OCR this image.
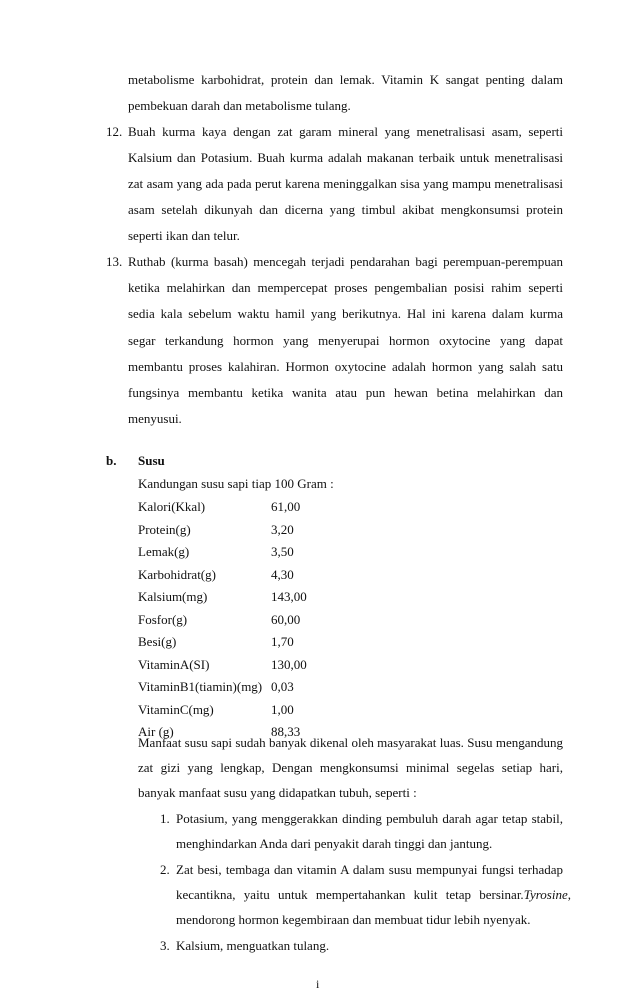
metabolisme karbohidrat, protein dan lemak. Vitamin K sangat penting dalam
pembekuan darah dan metabolisme tulang.
12. Buah kurma kaya dengan zat garam mineral yang menetralisasi asam, seperti
Kalsium dan Potasium. Buah kurma adalah makanan terbaik untuk menetralisasi
zat asam yang ada pada perut karena meninggalkan sisa yang mampu menetralisasi
asam setelah dikunyah dan dicerna yang timbul akibat mengkonsumsi protein
seperti ikan dan telur.
13. Ruthab (kurma basah) mencegah terjadi pendarahan bagi perempuan-perempuan
ketika melahirkan dan mempercepat proses pengembalian posisi rahim seperti
sedia kala sebelum waktu hamil yang berikutnya. Hal ini karena dalam kurma
segar terkandung hormon yang menyerupai hormon oxytocine yang dapat
membantu proses kalahiran. Hormon oxytocine adalah hormon yang salah satu
fungsinya membantu ketika wanita atau pun hewan betina melahirkan dan
menyusui.
b. Susu
Kandungan susu sapi tiap 100 Gram :
Kalori(Kkal)	61,00
Protein(g)	3,20
Lemak(g)	3,50
Karbohidrat(g)	4,30
Kalsium(mg)	143,00
Fosfor(g)	60,00
Besi(g)	1,70
VitaminA(SI)	130,00
VitaminB1(tiamin)(mg) 0,03
VitaminC(mg)	1,00
Air (g)	88,33
Manfaat susu sapi sudah banyak dikenal oleh masyarakat luas. Susu mengandung
zat gizi yang lengkap, Dengan mengkonsumsi minimal segelas setiap hari,
banyak manfaat susu yang didapatkan tubuh, seperti :
1. Potasium, yang menggerakkan dinding pembuluh darah agar tetap stabil,
menghindarkan Anda dari penyakit darah tinggi dan jantung.
2. Zat besi, tembaga dan vitamin A dalam susu mempunyai fungsi terhadap
i
kecantikna, yaitu untuk mempertahankan kulit tetap bersinar. Tyrosine,
mendorong hormon kegembiraan dan membuat tidur lebih nyenyak.
3. Kalsium, menguatkan tulang.
